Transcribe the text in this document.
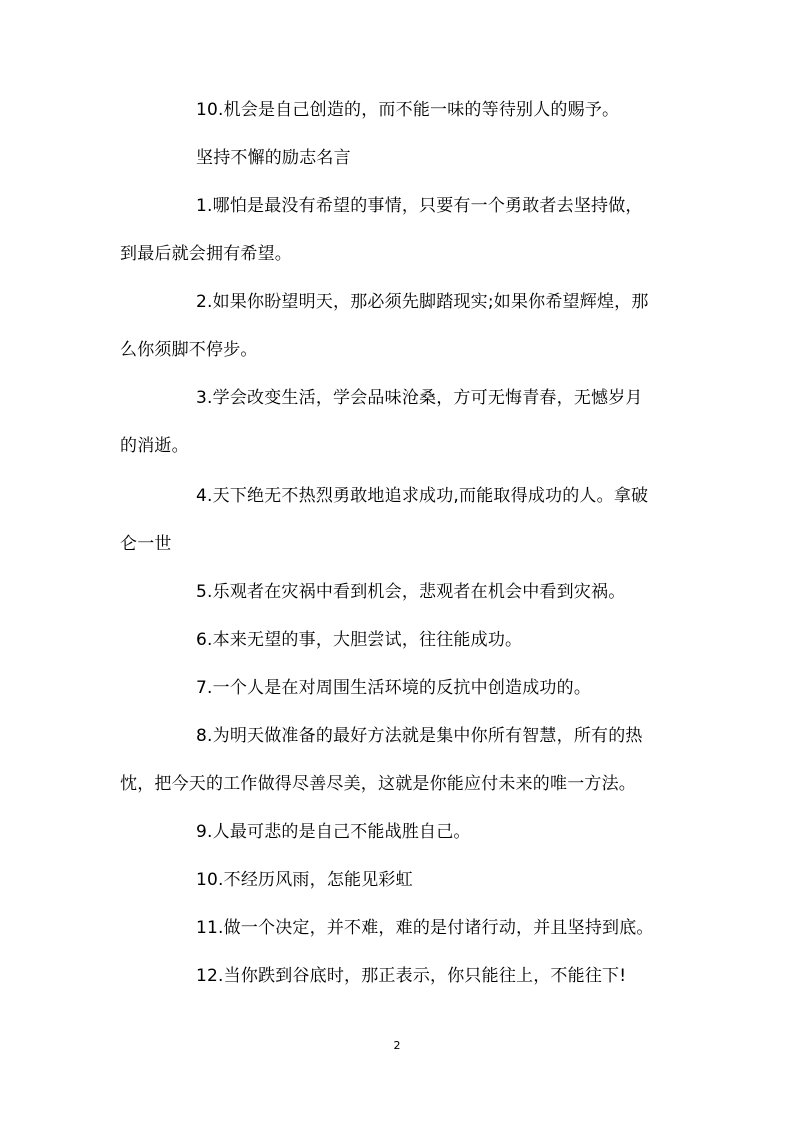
10.机会是自己创造的，而不能一味的等待别人的赐予。
坚持不懈的励志名言
1.哪怕是最没有希望的事情，只要有一个勇敢者去坚持做，
到最后就会拥有希望。
2.如果你盼望明天，那必须先脚踏现实;如果你希望辉煌，那
么你须脚不停步。
3.学会改变生活，学会品味沧桑，方可无悔青春，无憾岁月
的消逝。
4.天下绝无不热烈勇敢地追求成功,而能取得成功的人。拿破
仑一世
5.乐观者在灾祸中看到机会，悲观者在机会中看到灾祸。
6.本来无望的事，大胆尝试，往往能成功。
7.一个人是在对周围生活环境的反抗中创造成功的。
8.为明天做准备的最好方法就是集中你所有智慧，所有的热
忱，把今天的工作做得尽善尽美，这就是你能应付未来的唯一方法。
9.人最可悲的是自己不能战胜自己。
10.不经历风雨，怎能见彩虹
11.做一个决定，并不难，难的是付诸行动，并且坚持到底。
12.当你跌到谷底时，那正表示，你只能往上，不能往下!
2
